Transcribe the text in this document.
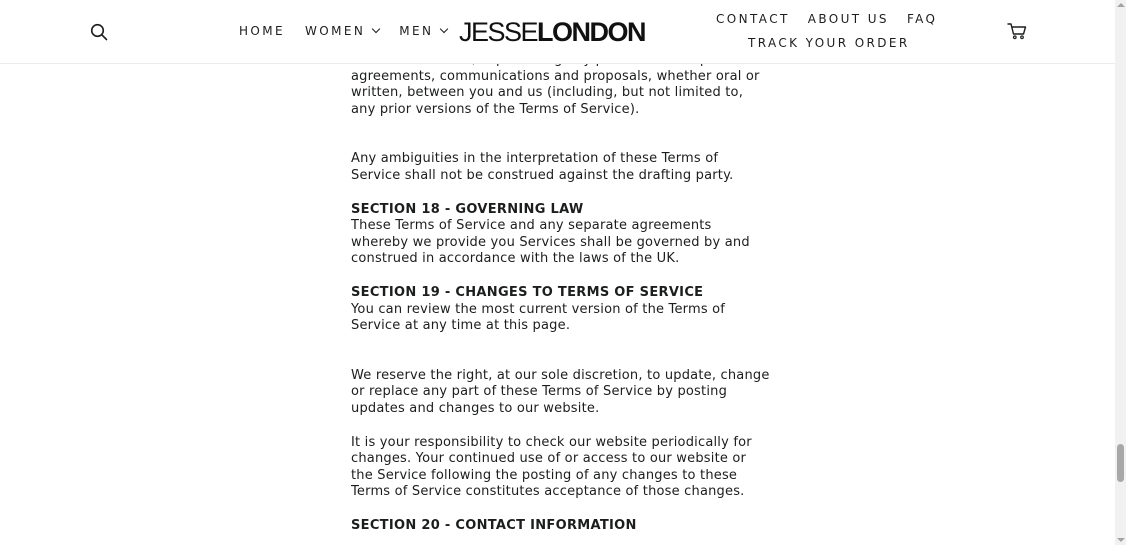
HOME WOMEN	MEN JESSELONDON	CONTACT ABOUT US FAQ
TRACK YOUR ORDER

agreements, communications and proposals, whether oral or written, between you and us (including, but not limited to, any prior versions of the Terms of Service).

Any ambiguities in the interpretation of these Terms of Service shall not be construed against the drafting party.

SECTION 18 - GOVERNING LAW

These Terms of Service and any separate agreements whereby we provide you Services shall be governed by and construed in accordance with the laws of the UK.

SECTION 19 - CHANGES TO TERMS OF SERVICE

You can review the most current version of the Terms of Service at any time at this page.

We reserve the right, at our sole discretion, to update, change or replace any part of these Terms of Service by posting updates and changes to our website.

It is your responsibility to check our website periodically for changes. Your continued use of or access to our website or the Service following the posting of any changes to these Terms of Service constitutes acceptance of those changes.

SECTION 20 - CONTACT INFORMATION
